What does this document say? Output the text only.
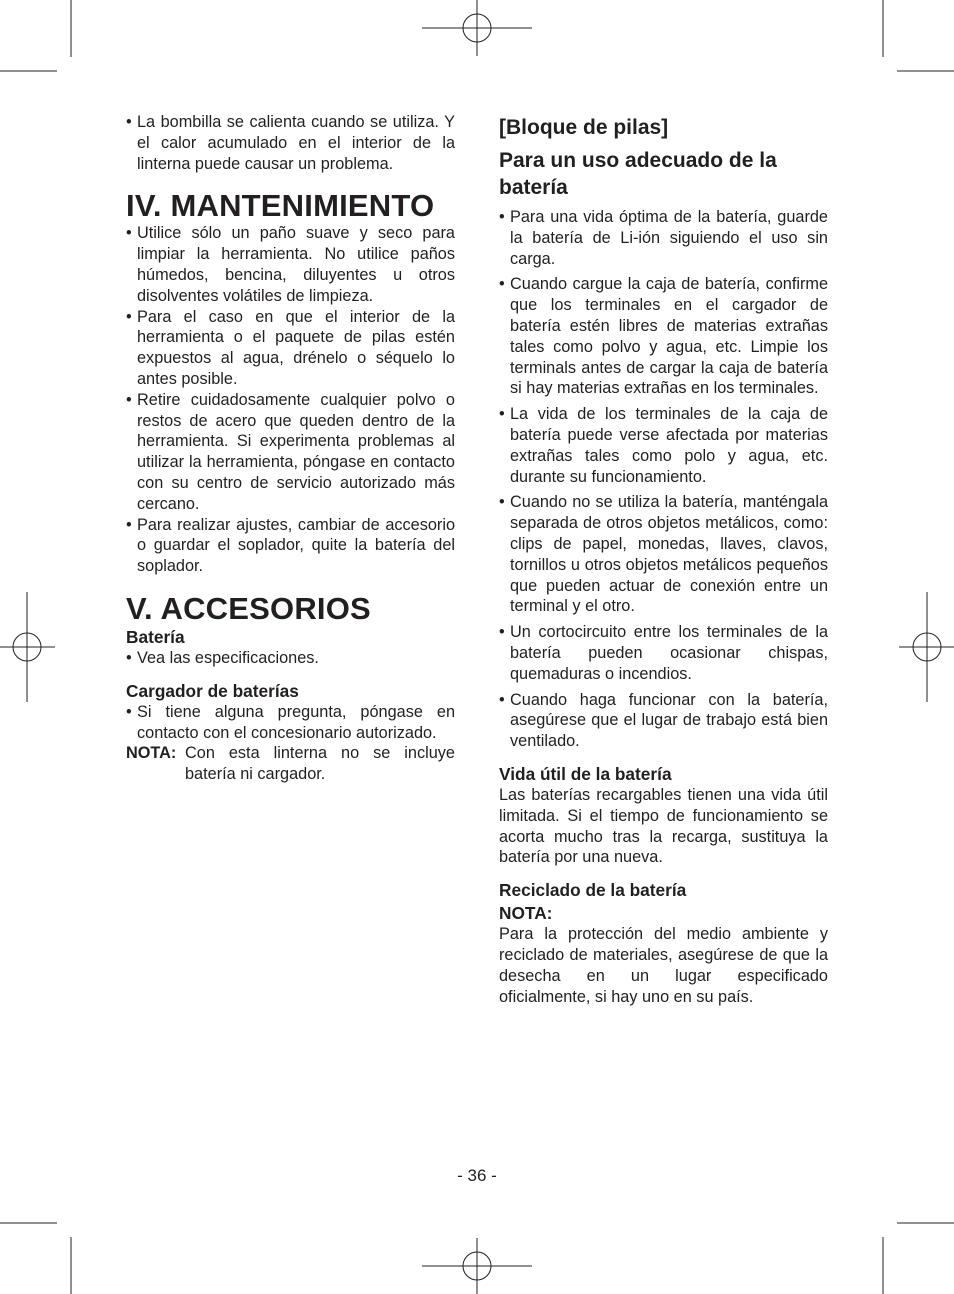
• La bombilla se calienta cuando se utiliza. Y el calor acumulado en el interior de la linterna puede causar un problema.

IV. MANTENIMIENTO

• Utilice sólo un paño suave y seco para limpiar la herramienta. No utilice paños húmedos, bencina, diluyentes u otros disolventes volátiles de limpieza.

• Para el caso en que el interior de la herramienta o el paquete de pilas estén expuestos al agua, drénelo o séquelo lo antes posible.

• Retire cuidadosamente cualquier polvo o restos de acero que queden dentro de la herramienta. Si experimenta problemas al utilizar la herramienta, póngase en contacto con su centro de servicio autorizado más cercano.

• Para realizar ajustes, cambiar de accesorio o guardar el soplador, quite la batería del soplador.

V. ACCESORIOS
Batería

• Vea las especificaciones.

Cargador de baterías

• Si tiene alguna pregunta, póngase en contacto con el concesionario autorizado.

NOTA: Con esta linterna no se incluye batería ni cargador.
[Bloque de pilas]
Para un uso adecuado de la batería

• Para una vida óptima de la batería, guarde la batería de Li-ión siguiendo el uso sin carga.

• Cuando cargue la caja de batería, confirme que los terminales en el cargador de batería estén libres de materias extrañas tales como polvo y agua, etc. Limpie los terminals antes de cargar la caja de batería si hay materias extrañas en los terminales.

• La vida de los terminales de la caja de batería puede verse afectada por materias extrañas tales como polo y agua, etc. durante su funcionamiento.

• Cuando no se utiliza la batería, manténgala separada de otros objetos metálicos, como: clips de papel, monedas, llaves, clavos, tornillos u otros objetos metálicos pequeños que pueden actuar de conexión entre un terminal y el otro.

• Un cortocircuito entre los terminales de la batería pueden ocasionar chispas, quemaduras o incendios.

• Cuando haga funcionar con la batería, asegúrese que el lugar de trabajo está bien ventilado.

Vida útil de la batería

Las baterías recargables tienen una vida útil limitada. Si el tiempo de funcionamiento se acorta mucho tras la recarga, sustituya la batería por una nueva.

Reciclado de la batería
NOTA:

Para la protección del medio ambiente y reciclado de materiales, asegúrese de que la desecha en un lugar especificado oficialmente, si hay uno en su país.

- 36 -
